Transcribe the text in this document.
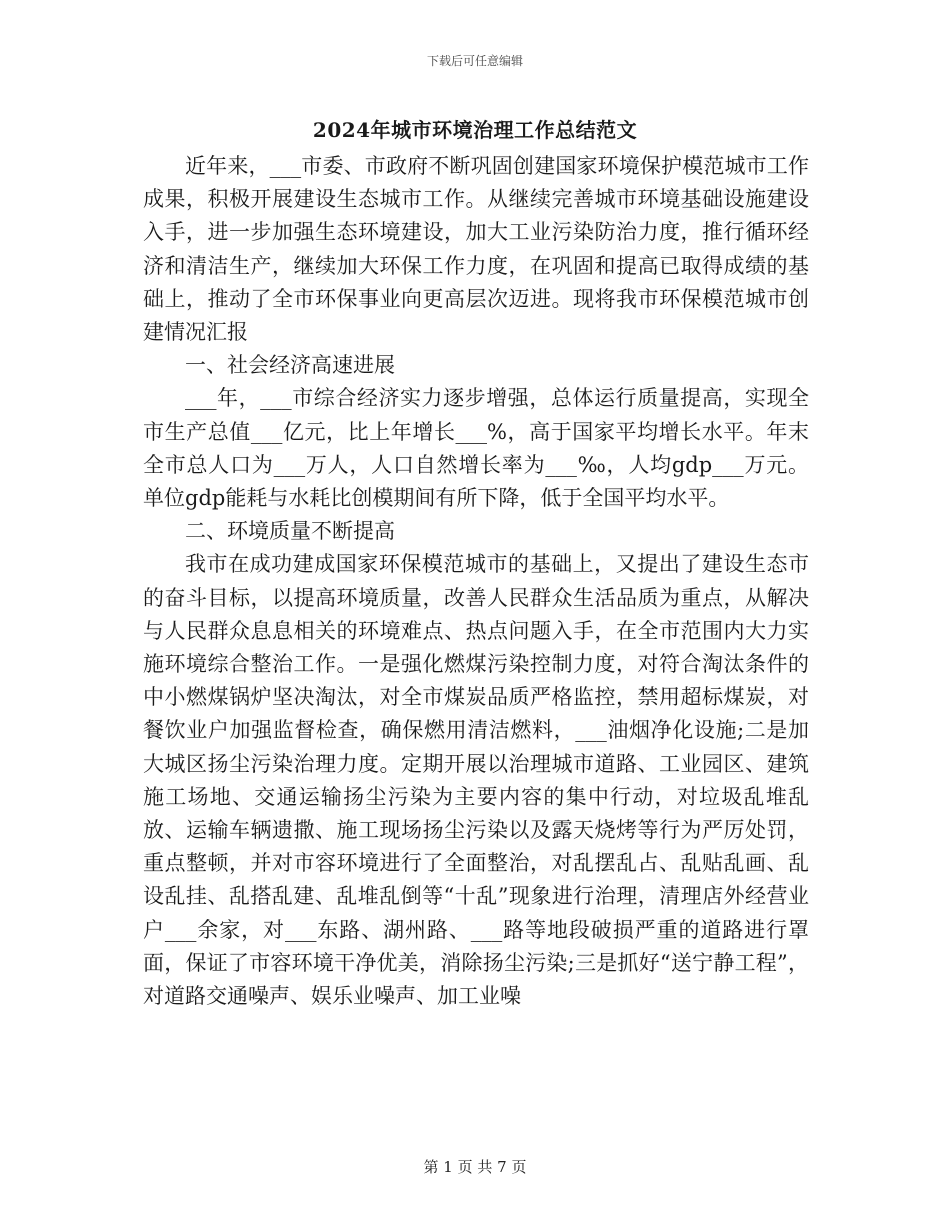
下载后可任意编辑
2024年城市环境治理工作总结范文

近年来，___市委、市政府不断巩固创建国家环境保护模范城市工作成果，积极开展建设生态城市工作。从继续完善城市环境基础设施建设入手，进一步加强生态环境建设，加大工业污染防治力度，推行循环经济和清洁生产，继续加大环保工作力度，在巩固和提高已取得成绩的基础上，推动了全市环保事业向更高层次迈进。现将我市环保模范城市创建情况汇报

一、社会经济高速进展

___年，___市综合经济实力逐步增强，总体运行质量提高，实现全市生产总值___亿元，比上年增长___%，高于国家平均增长水平。年末全市总人口为___万人，人口自然增长率为___‰，人均gdp___万元。单位gdp能耗与水耗比创模期间有所下降，低于全国平均水平。

二、环境质量不断提高

我市在成功建成国家环保模范城市的基础上，又提出了建设生态市的奋斗目标，以提高环境质量，改善人民群众生活品质为重点，从解决与人民群众息息相关的环境难点、热点问题入手，在全市范围内大力实施环境综合整治工作。一是强化燃煤污染控制力度，对符合淘汰条件的中小燃煤锅炉坚决淘汰，对全市煤炭品质严格监控，禁用超标煤炭，对餐饮业户加强监督检查，确保燃用清洁燃料，___油烟净化设施;二是加大城区扬尘污染治理力度。定期开展以治理城市道路、工业园区、建筑施工场地、交通运输扬尘污染为主要内容的集中行动，对垃圾乱堆乱放、运输车辆遗撒、施工现场扬尘污染以及露天烧烤等行为严厉处罚，重点整顿，并对市容环境进行了全面整治，对乱摆乱占、乱贴乱画、乱设乱挂、乱搭乱建、乱堆乱倒等“十乱”现象进行治理，清理店外经营业户___余家，对___东路、湖州路、___路等地段破损严重的道路进行罩面，保证了市容环境干净优美，消除扬尘污染;三是抓好“送宁静工程”，对道路交通噪声、娱乐业噪声、加工业噪

第 1 页 共 7 页
